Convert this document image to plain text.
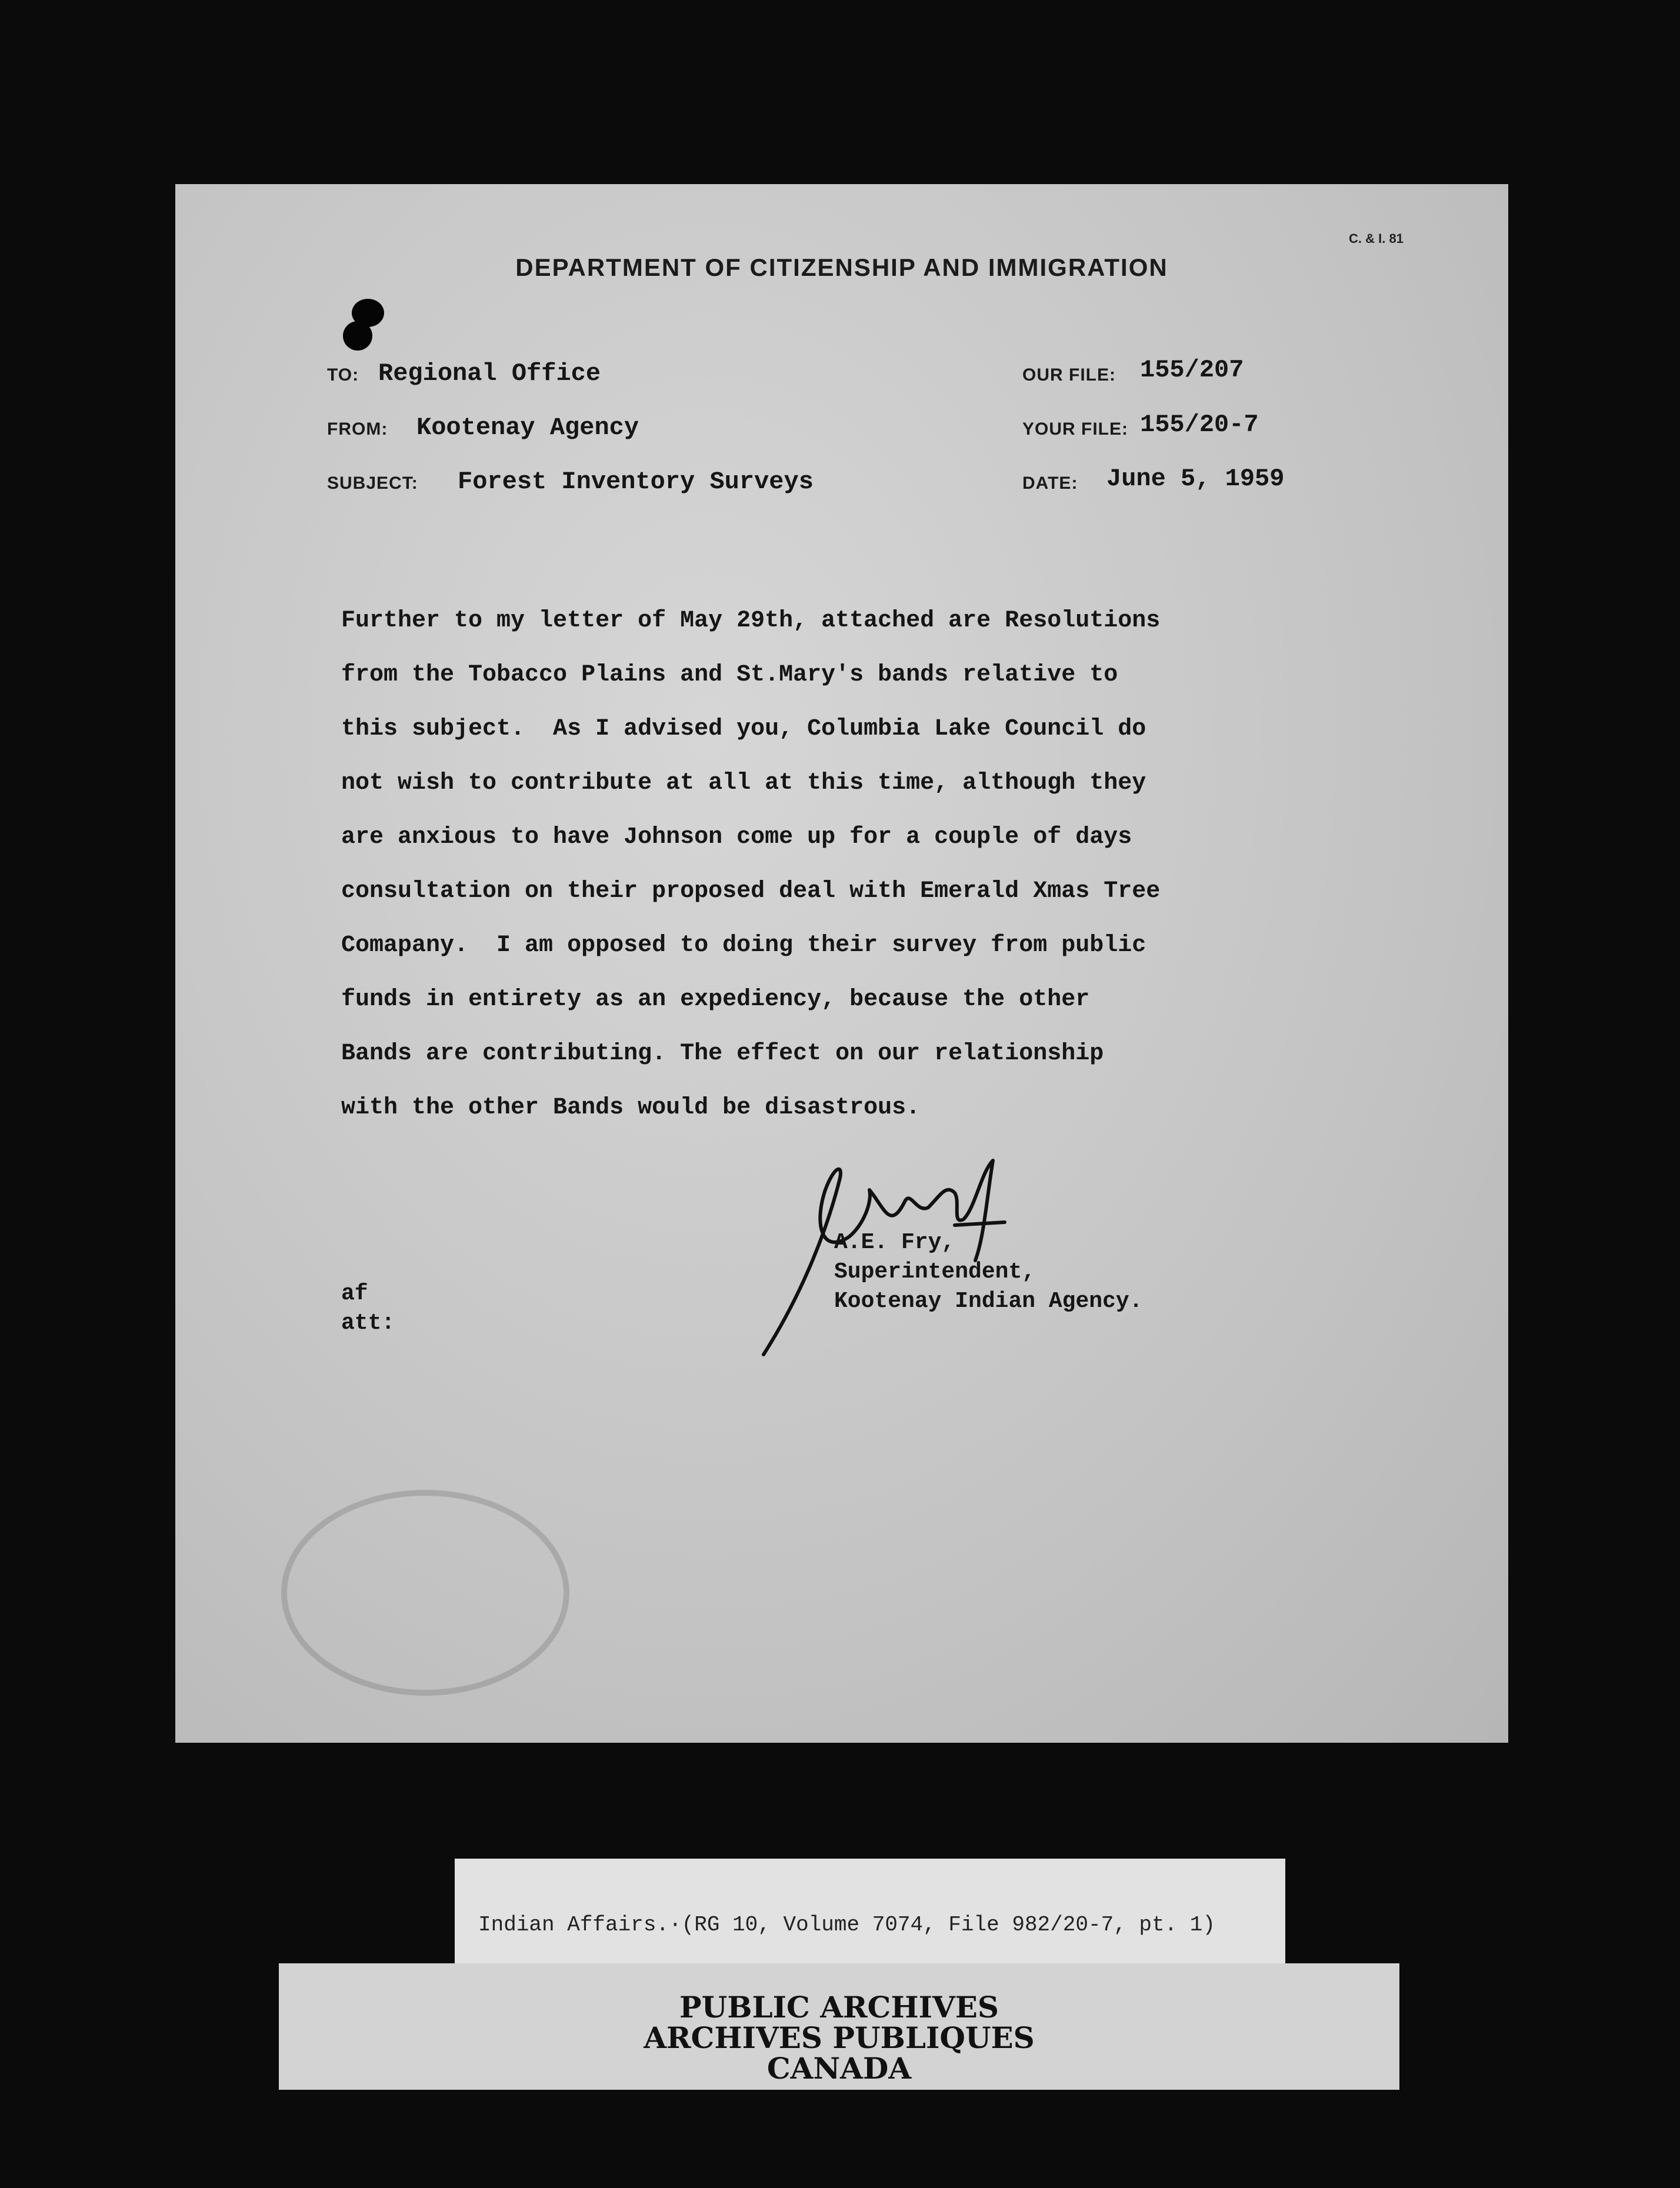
C. & I. 81
DEPARTMENT OF CITIZENSHIP AND IMMIGRATION
TO: Regional Office
FROM: Kootenay Agency
SUBJECT: Forest Inventory Surveys
OUR FILE: 155/207
YOUR FILE: 155/20-7
DATE: June 5, 1959
Further to my letter of May 29th, attached are Resolutions
from the Tobacco Plains and St.Mary's bands relative to
this subject.  As I advised you, Columbia Lake Council do
not wish to contribute at all at this time, although they
are anxious to have Johnson come up for a couple of days
consultation on their proposed deal with Emerald Xmas Tree
Comapany.  I am opposed to doing their survey from public
funds in entirety as an expediency, because the other
Bands are contributing. The effect on our relationship
with the other Bands would be disastrous.
A.E. Fry,
Superintendent,
Kootenay Indian Agency.
af
att:
Indian Affairs.·(RG 10, Volume 7074, File 982/20-7, pt. 1)
PUBLIC ARCHIVES
ARCHIVES PUBLIQUES
CANADA
